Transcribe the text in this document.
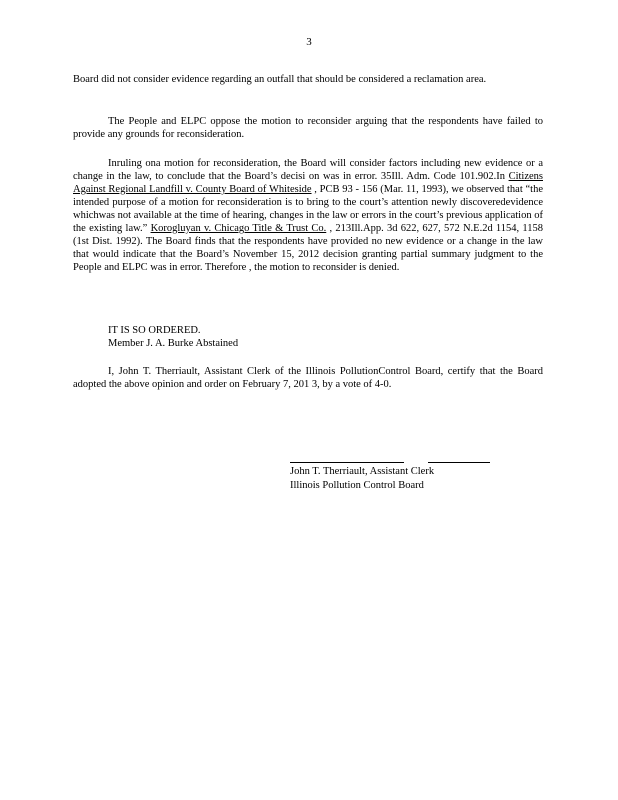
3

Board did not consider evidence regarding an outfall that should be considered a reclamation area.

The People and ELPC oppose the motion to reconsider arguing that the respondents have failed to provide any grounds for reconsideration.

Inruling ona motion for reconsideration, the Board will consider factors including new evidence or a change in the law, to conclude that the Board’s decisi on was in error. 35Ill. Adm. Code 101.902.In Citizens Against Regional Landfill v. County Board of Whiteside , PCB 93 - 156 (Mar. 11, 1993), we observed that “the intended purpose of a motion for reconsideration is to bring to the court’s attention newly discoveredevidence whichwas not available at the time of hearing, changes in the law or errors in the court’s previous application of the existing law.” Korogluyan v. Chicago Title & Trust Co. , 213Ill.App. 3d 622, 627, 572 N.E.2d 1154, 1158 (1st Dist. 1992). The Board finds that the respondents have provided no new evidence or a change in the law that would indicate that the Board’s November 15, 2012 decision granting partial summary judgment to the People and ELPC was in error. Therefore , the motion to reconsider is denied.

IT IS SO ORDERED.
Member J. A. Burke Abstained

I, John T. Therriault, Assistant Clerk of the Illinois PollutionControl Board, certify that the Board adopted the above opinion and order on February 7, 201 3, by a vote of 4-0.

John T. Therriault, Assistant Clerk
Illinois Pollution Control Board
